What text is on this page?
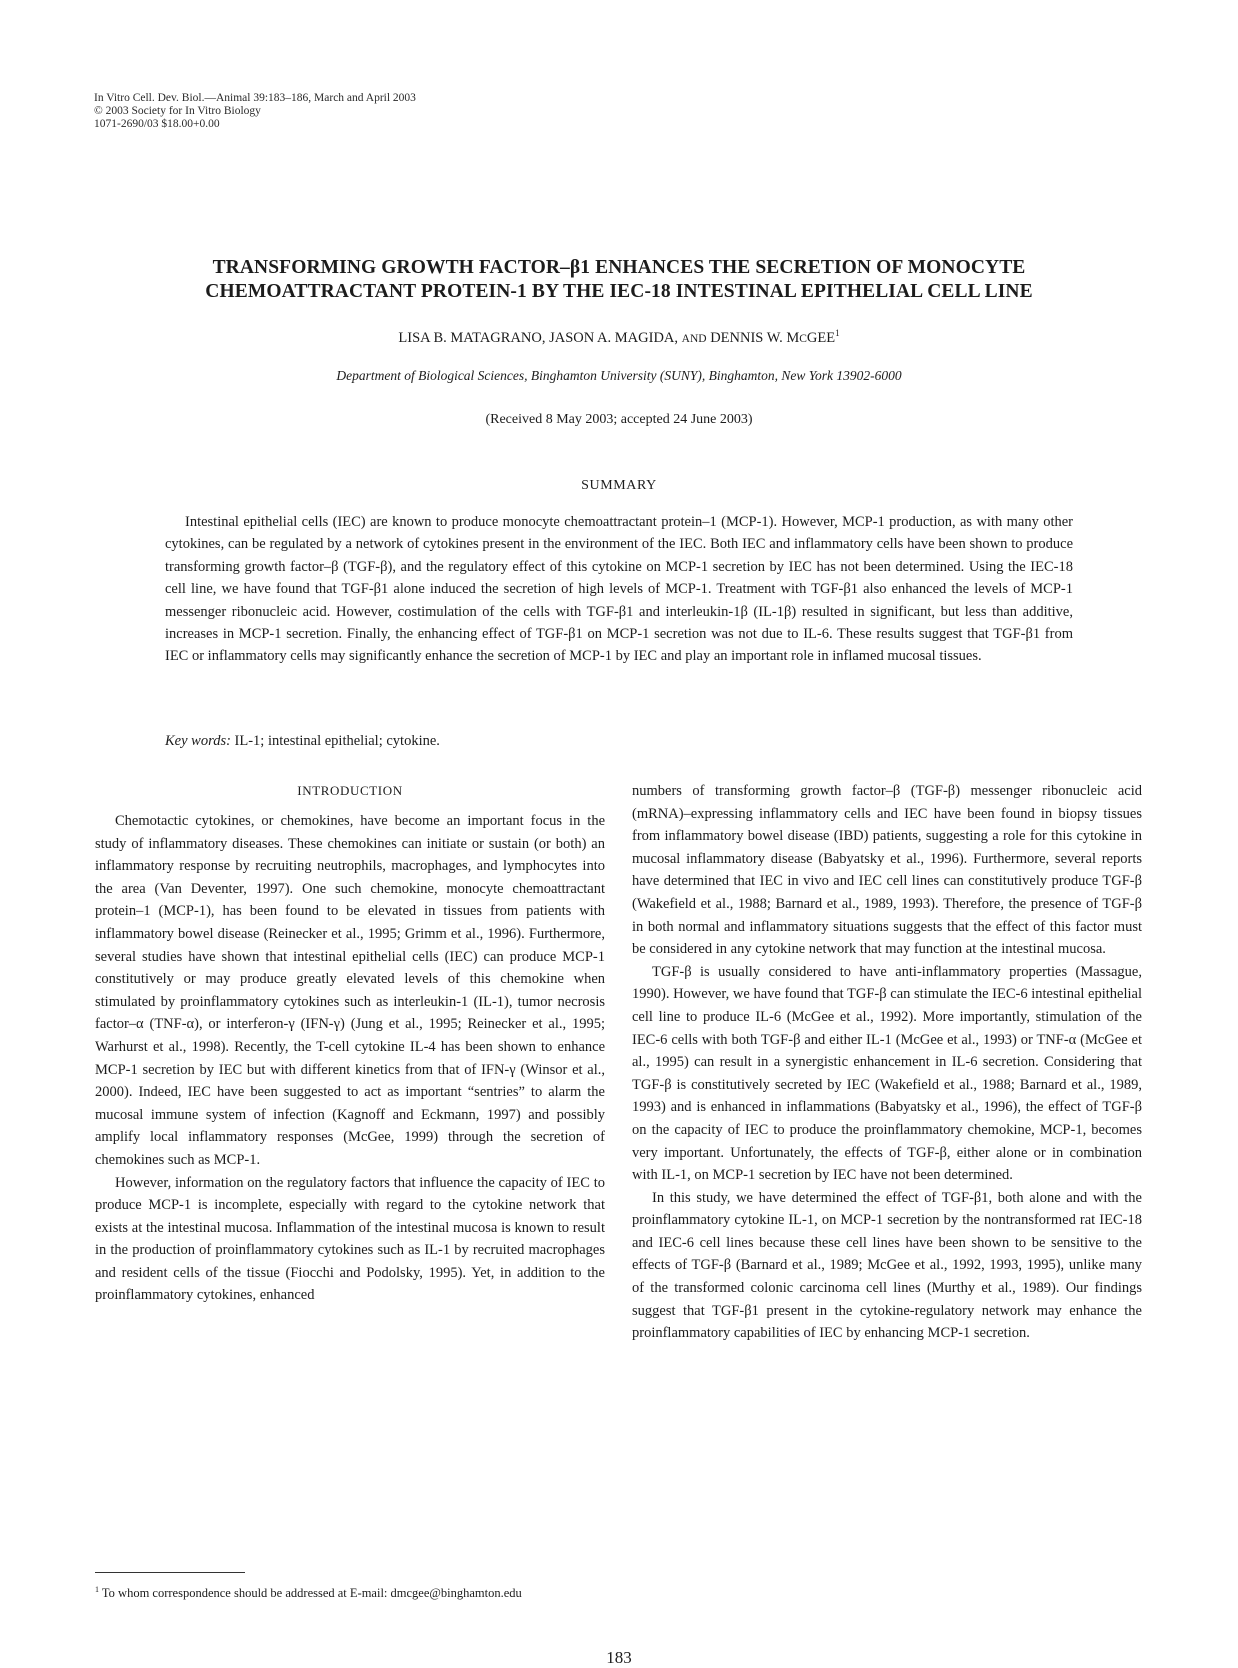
In Vitro Cell. Dev. Biol.—Animal 39:183–186, March and April 2003
© 2003 Society for In Vitro Biology
1071-2690/03 $18.00+0.00
TRANSFORMING GROWTH FACTOR–β1 ENHANCES THE SECRETION OF MONOCYTE
CHEMOATTRACTANT PROTEIN-1 BY THE IEC-18 INTESTINAL EPITHELIAL CELL LINE
LISA B. MATAGRANO, JASON A. MAGIDA, AND DENNIS W. MCGEE$^1$
Department of Biological Sciences, Binghamton University (SUNY), Binghamton, New York 13902-6000
(Received 8 May 2003; accepted 24 June 2003)
SUMMARY

Intestinal epithelial cells (IEC) are known to produce monocyte chemoattractant protein–1 (MCP-1). However, MCP-1 production, as with many other cytokines, can be regulated by a network of cytokines present in the environment of the IEC. Both IEC and inflammatory cells have been shown to produce transforming growth factor–β (TGF-β), and the regulatory effect of this cytokine on MCP-1 secretion by IEC has not been determined. Using the IEC-18 cell line, we have found that TGF-β1 alone induced the secretion of high levels of MCP-1. Treatment with TGF-β1 also enhanced the levels of MCP-1 messenger ribonucleic acid. However, costimulation of the cells with TGF-β1 and interleukin-1β (IL-1β) resulted in significant, but less than additive, increases in MCP-1 secretion. Finally, the enhancing effect of TGF-β1 on MCP-1 secretion was not due to IL-6. These results suggest that TGF-β1 from IEC or inflammatory cells may significantly enhance the secretion of MCP-1 by IEC and play an important role in inflamed mucosal tissues.

Key words: IL-1; intestinal epithelial; cytokine.

INTRODUCTION

Chemotactic cytokines, or chemokines, have become an important focus in the study of inflammatory diseases. These chemokines can initiate or sustain (or both) an inflammatory response by recruiting neutrophils, macrophages, and lymphocytes into the area (Van Deventer, 1997). One such chemokine, monocyte chemoattractant protein–1 (MCP-1), has been found to be elevated in tissues from patients with inflammatory bowel disease (Reinecker et al., 1995; Grimm et al., 1996). Furthermore, several studies have shown that intestinal epithelial cells (IEC) can produce MCP-1 constitutively or may produce greatly elevated levels of this chemokine when stimulated by proinflammatory cytokines such as interleukin-1 (IL-1), tumor necrosis factor–α (TNF-α), or interferon-γ (IFN-γ) (Jung et al., 1995; Reinecker et al., 1995; Warhurst et al., 1998). Recently, the T-cell cytokine IL-4 has been shown to enhance MCP-1 secretion by IEC but with different kinetics from that of IFN-γ (Winsor et al., 2000). Indeed, IEC have been suggested to act as important “sentries” to alarm the mucosal immune system of infection (Kagnoff and Eckmann, 1997) and possibly amplify local inflammatory responses (McGee, 1999) through the secretion of chemokines such as MCP-1.

However, information on the regulatory factors that influence the capacity of IEC to produce MCP-1 is incomplete, especially with regard to the cytokine network that exists at the intestinal mucosa. Inflammation of the intestinal mucosa is known to result in the production of proinflammatory cytokines such as IL-1 by recruited macrophages and resident cells of the tissue (Fiocchi and Podolsky, 1995). Yet, in addition to the proinflammatory cytokines, enhanced

numbers of transforming growth factor–β (TGF-β) messenger ribonucleic acid (mRNA)–expressing inflammatory cells and IEC have been found in biopsy tissues from inflammatory bowel disease (IBD) patients, suggesting a role for this cytokine in mucosal inflammatory disease (Babyatsky et al., 1996). Furthermore, several reports have determined that IEC in vivo and IEC cell lines can constitutively produce TGF-β (Wakefield et al., 1988; Barnard et al., 1989, 1993). Therefore, the presence of TGF-β in both normal and inflammatory situations suggests that the effect of this factor must be considered in any cytokine network that may function at the intestinal mucosa.

TGF-β is usually considered to have anti-inflammatory properties (Massague, 1990). However, we have found that TGF-β can stimulate the IEC-6 intestinal epithelial cell line to produce IL-6 (McGee et al., 1992). More importantly, stimulation of the IEC-6 cells with both TGF-β and either IL-1 (McGee et al., 1993) or TNF-α (McGee et al., 1995) can result in a synergistic enhancement in IL-6 secretion. Considering that TGF-β is constitutively secreted by IEC (Wakefield et al., 1988; Barnard et al., 1989, 1993) and is enhanced in inflammations (Babyatsky et al., 1996), the effect of TGF-β on the capacity of IEC to produce the proinflammatory chemokine, MCP-1, becomes very important. Unfortunately, the effects of TGF-β, either alone or in combination with IL-1, on MCP-1 secretion by IEC have not been determined.

In this study, we have determined the effect of TGF-β1, both alone and with the proinflammatory cytokine IL-1, on MCP-1 secretion by the nontransformed rat IEC-18 and IEC-6 cell lines because these cell lines have been shown to be sensitive to the effects of TGF-β (Barnard et al., 1989; McGee et al., 1992, 1993, 1995), unlike many of the transformed colonic carcinoma cell lines (Murthy et al., 1989). Our findings suggest that TGF-β1 present in the cytokine-regulatory network may enhance the proinflammatory capabilities of IEC by enhancing MCP-1 secretion.

$^1$ To whom correspondence should be addressed at E-mail: dmcgee@binghamton.edu
183
